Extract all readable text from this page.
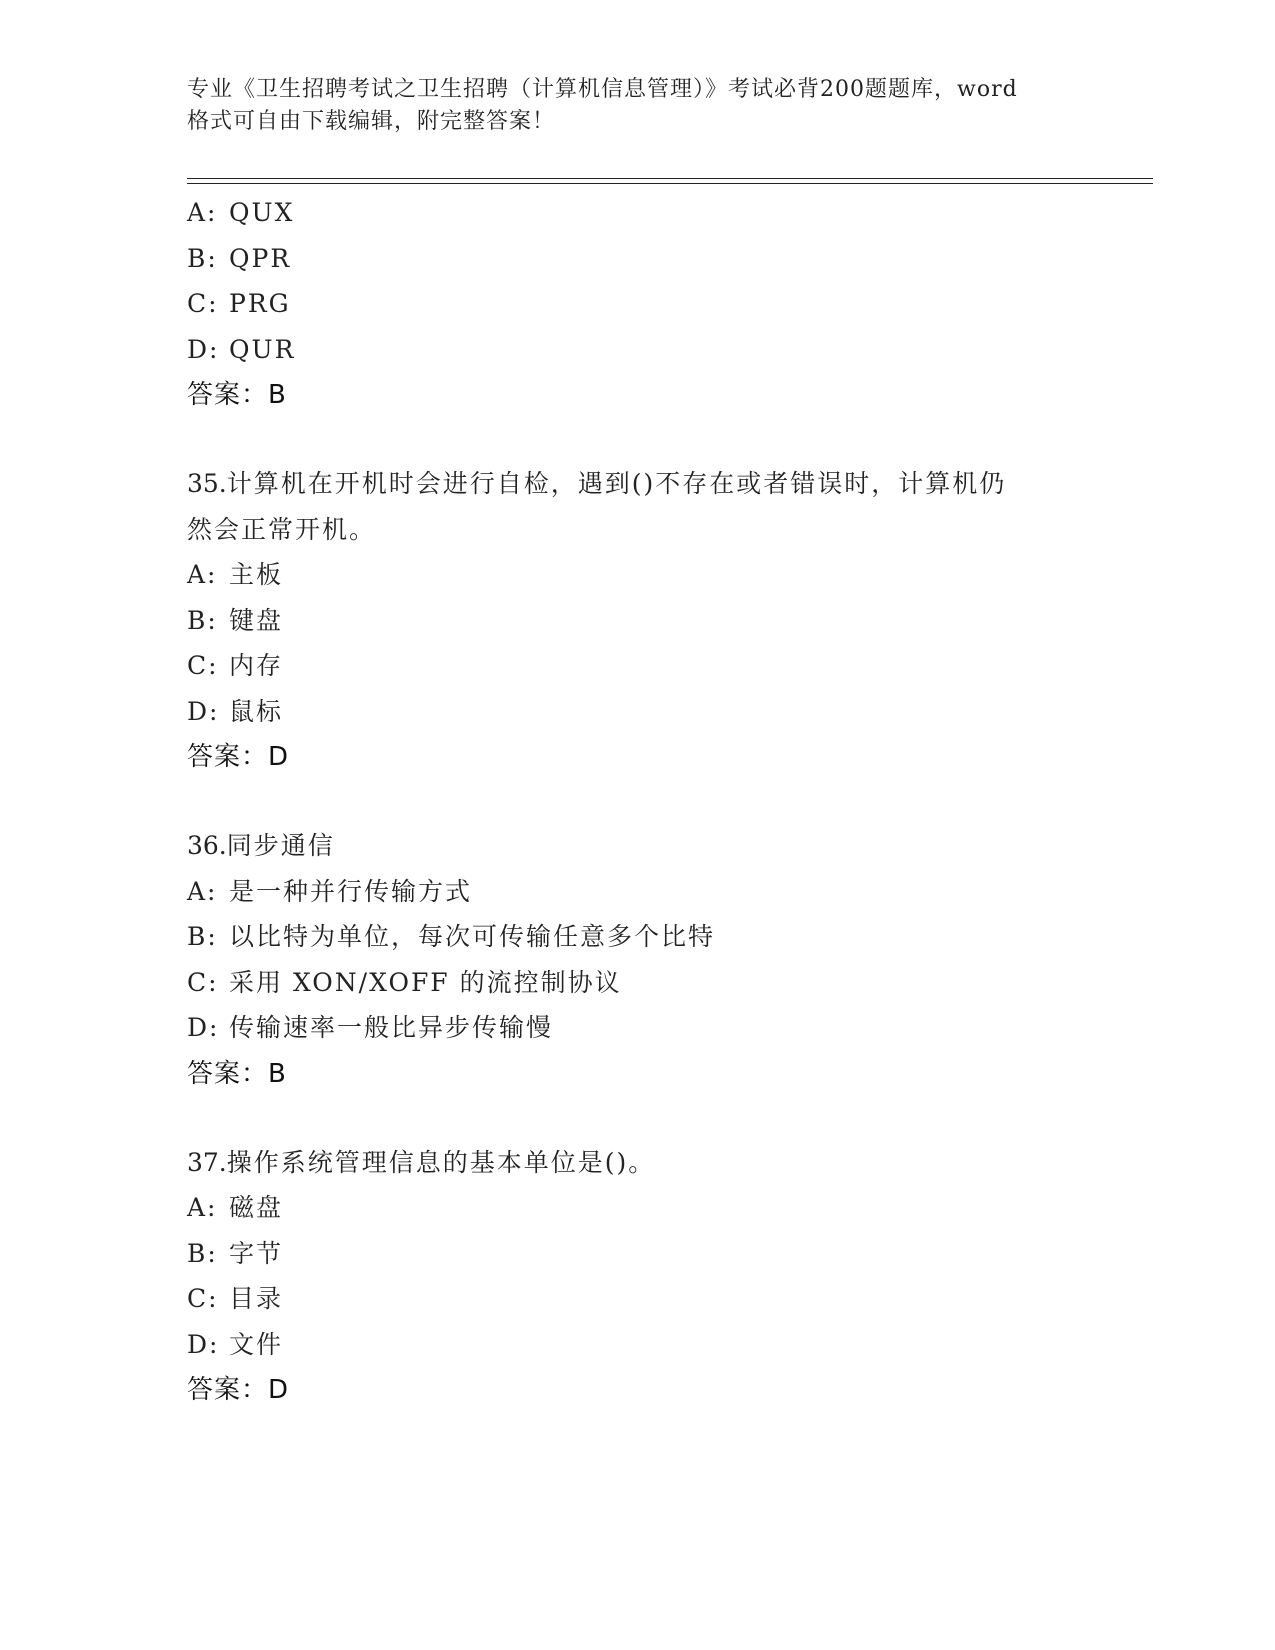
专业《卫生招聘考试之卫生招聘（计算机信息管理）》考试必背200题题库，word
格式可自由下载编辑，附完整答案！
A: QUX
B: QPR
C: PRG
D: QUR
答案：B
35.计算机在开机时会进行自检，遇到()不存在或者错误时，计算机仍
然会正常开机。
A: 主板
B: 键盘
C: 内存
D: 鼠标
答案：D
36.同步通信
A: 是一种并行传输方式
B: 以比特为单位，每次可传输任意多个比特
C: 采用 XON/XOFF 的流控制协议
D: 传输速率一般比异步传输慢
答案：B
37.操作系统管理信息的基本单位是()。
A: 磁盘
B: 字节
C: 目录
D: 文件
答案：D
